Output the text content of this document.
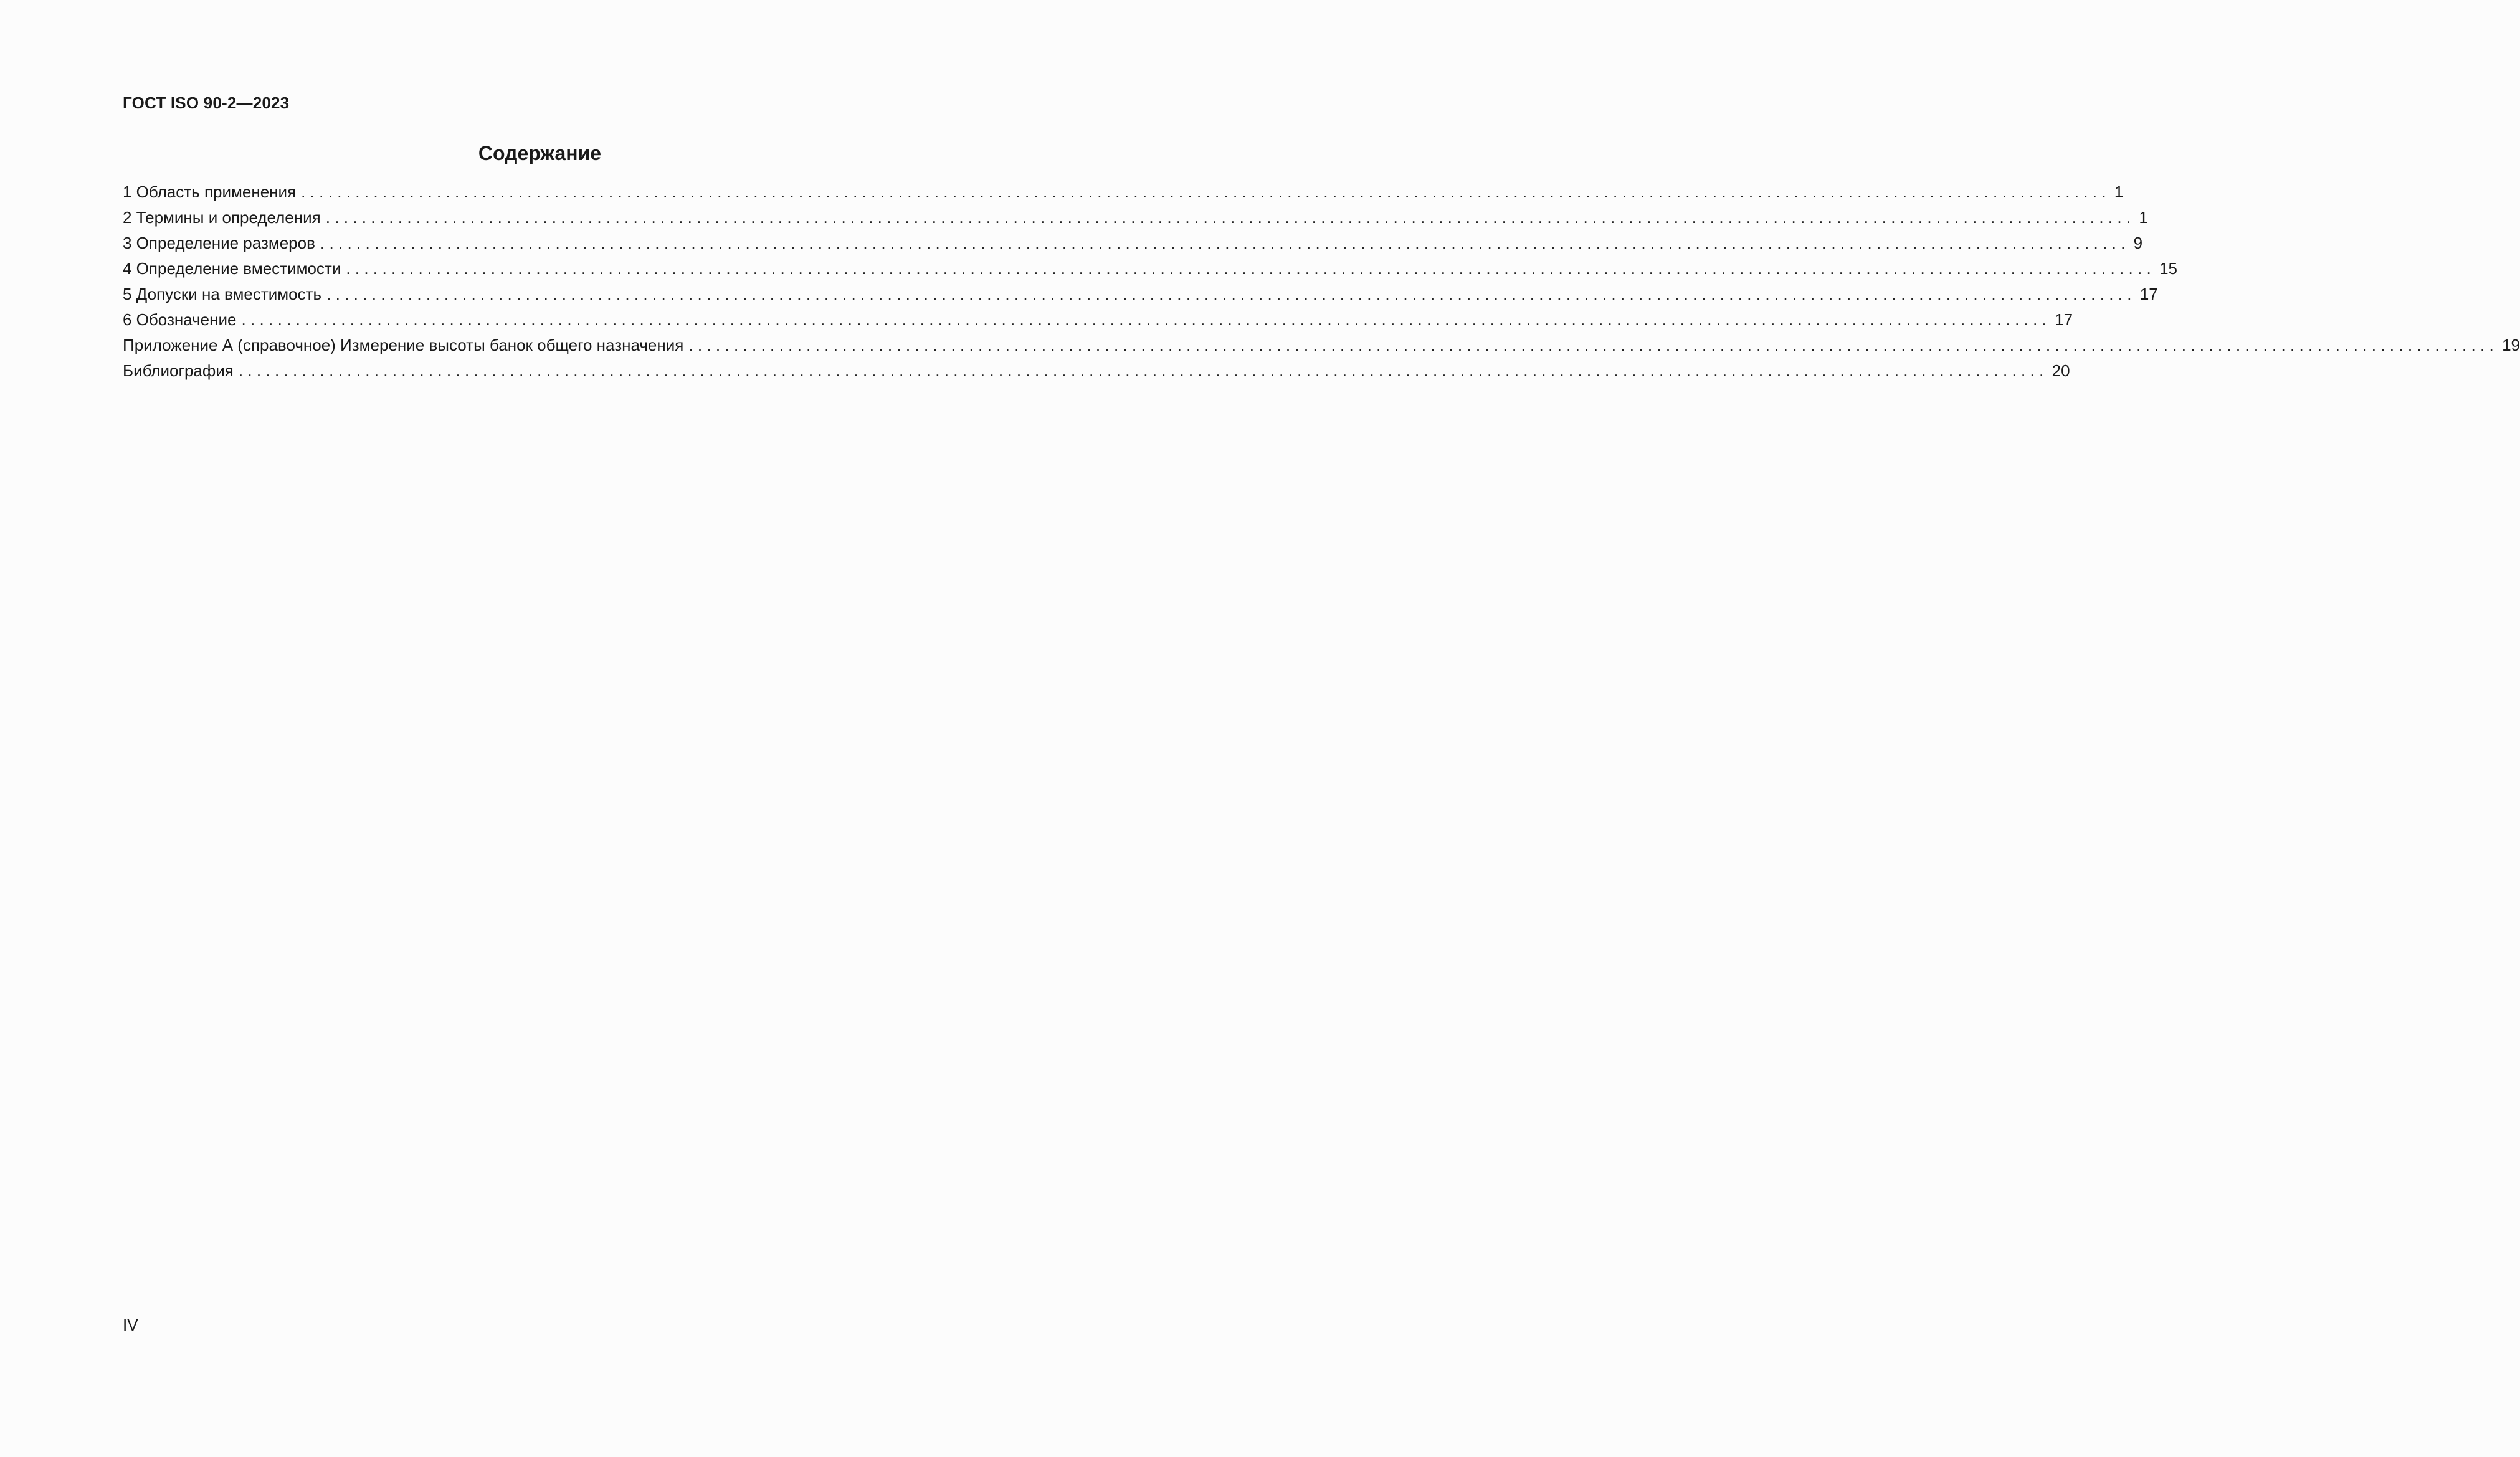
ГОСТ ISO 90-2—2023
Содержание
1 Область применения ........................................................................................................................................................................................................ 1
2 Термины и определения ........................................................................................................................................................................................................ 1
3 Определение размеров ........................................................................................................................................................................................................ 9
4 Определение вместимости ........................................................................................................................................................................................................ 15
5 Допуски на вместимость ........................................................................................................................................................................................................ 17
6 Обозначение ........................................................................................................................................................................................................ 17
Приложение А (справочное) Измерение высоты банок общего назначения ........................................................................................................................................................................................................ 19
Библиография ........................................................................................................................................................................................................ 20
IV
